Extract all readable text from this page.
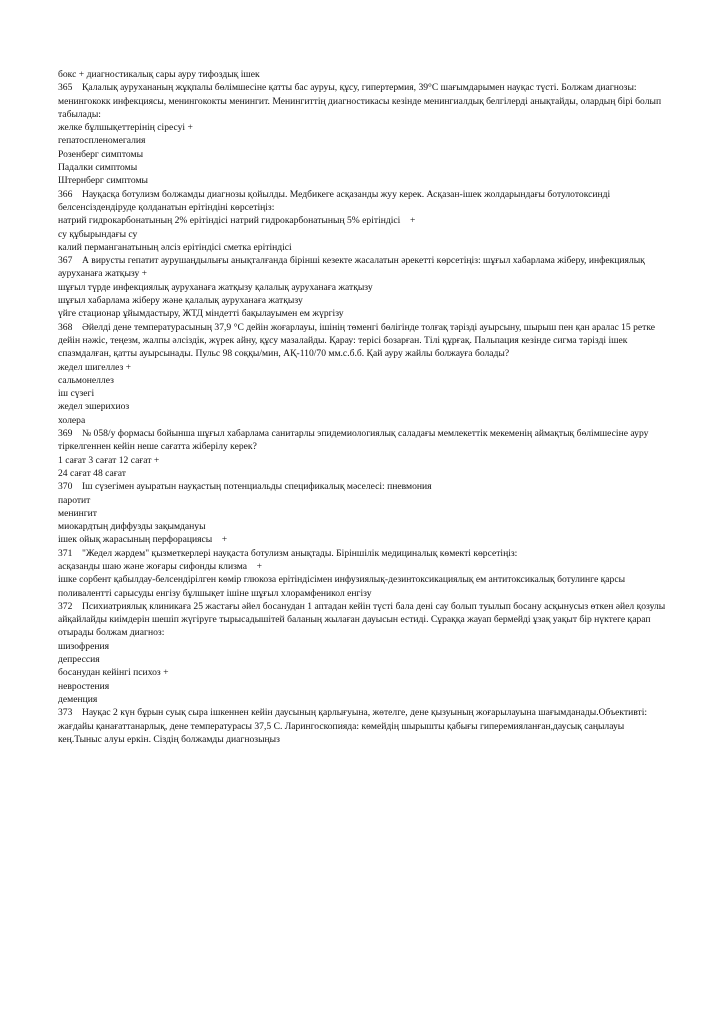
бокс + диагностикалық сары ауру тифоздық ішек
365    Қалалық аурухананың жұқпалы бөлімшесіне қатты бас ауруы, құсу, гипертермия, 39°С шағымдарымен науқас түсті. Болжам диагнозы: менингококк инфекциясы, менингококты менингит. Менингиттің диагностикасы кезінде менингиалдық белгілерді анықтайды, олардың бірі болып табылады:
желке бұлшықеттерінің сіресуі +
гепатоспленомегалия
Розенберг симптомы
Падалки симптомы
Штернберг симптомы
366    Науқасқа ботулизм болжамды диагнозы қойылды. Медбикеге асқазанды жуу керек. Асқазан-ішек жолдарындағы ботулотоксинді белсенсіздендіруде қолданатын ерітіндіні көрсетіңіз:
натрий гидрокарбонатының 2% ерітіндісі натрий гидрокарбонатының 5% ерітіндісі    +
су құбырындағы су
калий перманганатының әлсіз ерітіндісі сметка ерітіндісі
367    А вирусты гепатит аурушаңдылығы анықталғанда бірінші кезекте жасалатын әрекетті көрсетіңіз: шұғыл хабарлама жіберу, инфекциялық ауруханаға жатқызу +
шұғыл түрде инфекциялық ауруханаға жатқызу қалалық ауруханаға жатқызу
шұғыл хабарлама жіберу және қалалық ауруханаға жатқызу
үйге стационар ұйымдастыру, ЖТД міндетті бақылауымен ем жүргізу
368    Әйелді дене температурасының 37,9 °С дейін жоғарлауы, ішінің төменгі бөлігінде толғақ тәрізді ауырсыну, шырыш пен қан аралас 15 ретке дейін нәжіс, теңезм, жалпы әлсіздік, жүрек айну, құсу мазалайды. Қарау: терісі бозарған. Тілі құрғақ. Пальпация кезінде сигма тәрізді ішек спазмдалған, қатты ауырсынады. Пульс 98 соққы/мин, АҚ-110/70 мм.с.б.б. Қай ауру жайлы болжауға болады?
жедел шигеллез +
сальмонеллез
іш сүзегі
жедел эшерихиоз
холера
369    № 058/у формасы бойынша шұғыл хабарлама санитарлы эпидемиологиялық саладағы мемлекеттік мекеменің аймақтық бөлімшесіне ауру тіркелгеннен кейін неше сағатта жіберілу керек?
1 сағат 3 сағат 12 сағат +
24 сағат 48 сағат
370    Іш сүзегімен ауыратын науқастың потенциальды спецификалық мәселесі: пневмония
паротит
менингит
миокардтың диффузды зақымдануы
ішек ойық жарасының перфорациясы    +
371    "Жедел жәрдем" қызметкерлері науқаста ботулизм анықтады. Біріншілік медициналық көмекті көрсетіңіз:
асқазанды шаю және жоғары сифонды клизма    +
ішке сорбент қабылдау-белсендірілген көмір глюкоза ерітіндісімен инфузиялық-дезинтоксикациялық ем антитоксикалық ботулинге қарсы поливалентті сарысуды енгізу бұлшықет ішіне шұғыл хлорамфеникол енгізу
372    Психиатриялық клиникаға 25 жастағы әйел босанудан 1 аптадан кейін түсті бала дені сау болып туылып босану асқынусыз өткен әйел қозулы айқайлайды киімдерін шешіп жүгіруге тырысадышітей баланың жылаған дауысын естиді. Сұраққа жауап бермейді ұзақ уақыт бір нүктеге қарап отырады болжам диагноз:
шизофрения
депрессия
босанудан кейінгі психоз +
невростения
деменция
373    Науқас 2 күн бұрын суық сыра ішкеннен кейін даусының қарлығуына, жөтелге, дене қызуының жоғарылауына шағымданады.Объективті: жағдайы қанағаттанарлық, дене температурасы 37,5 С. Ларингоскопияда: көмейдің шырышты қабығы гиперемияланған,даусық саңылауы кең.Тыныс алуы еркін. Сіздің болжамды диагнозыңыз
